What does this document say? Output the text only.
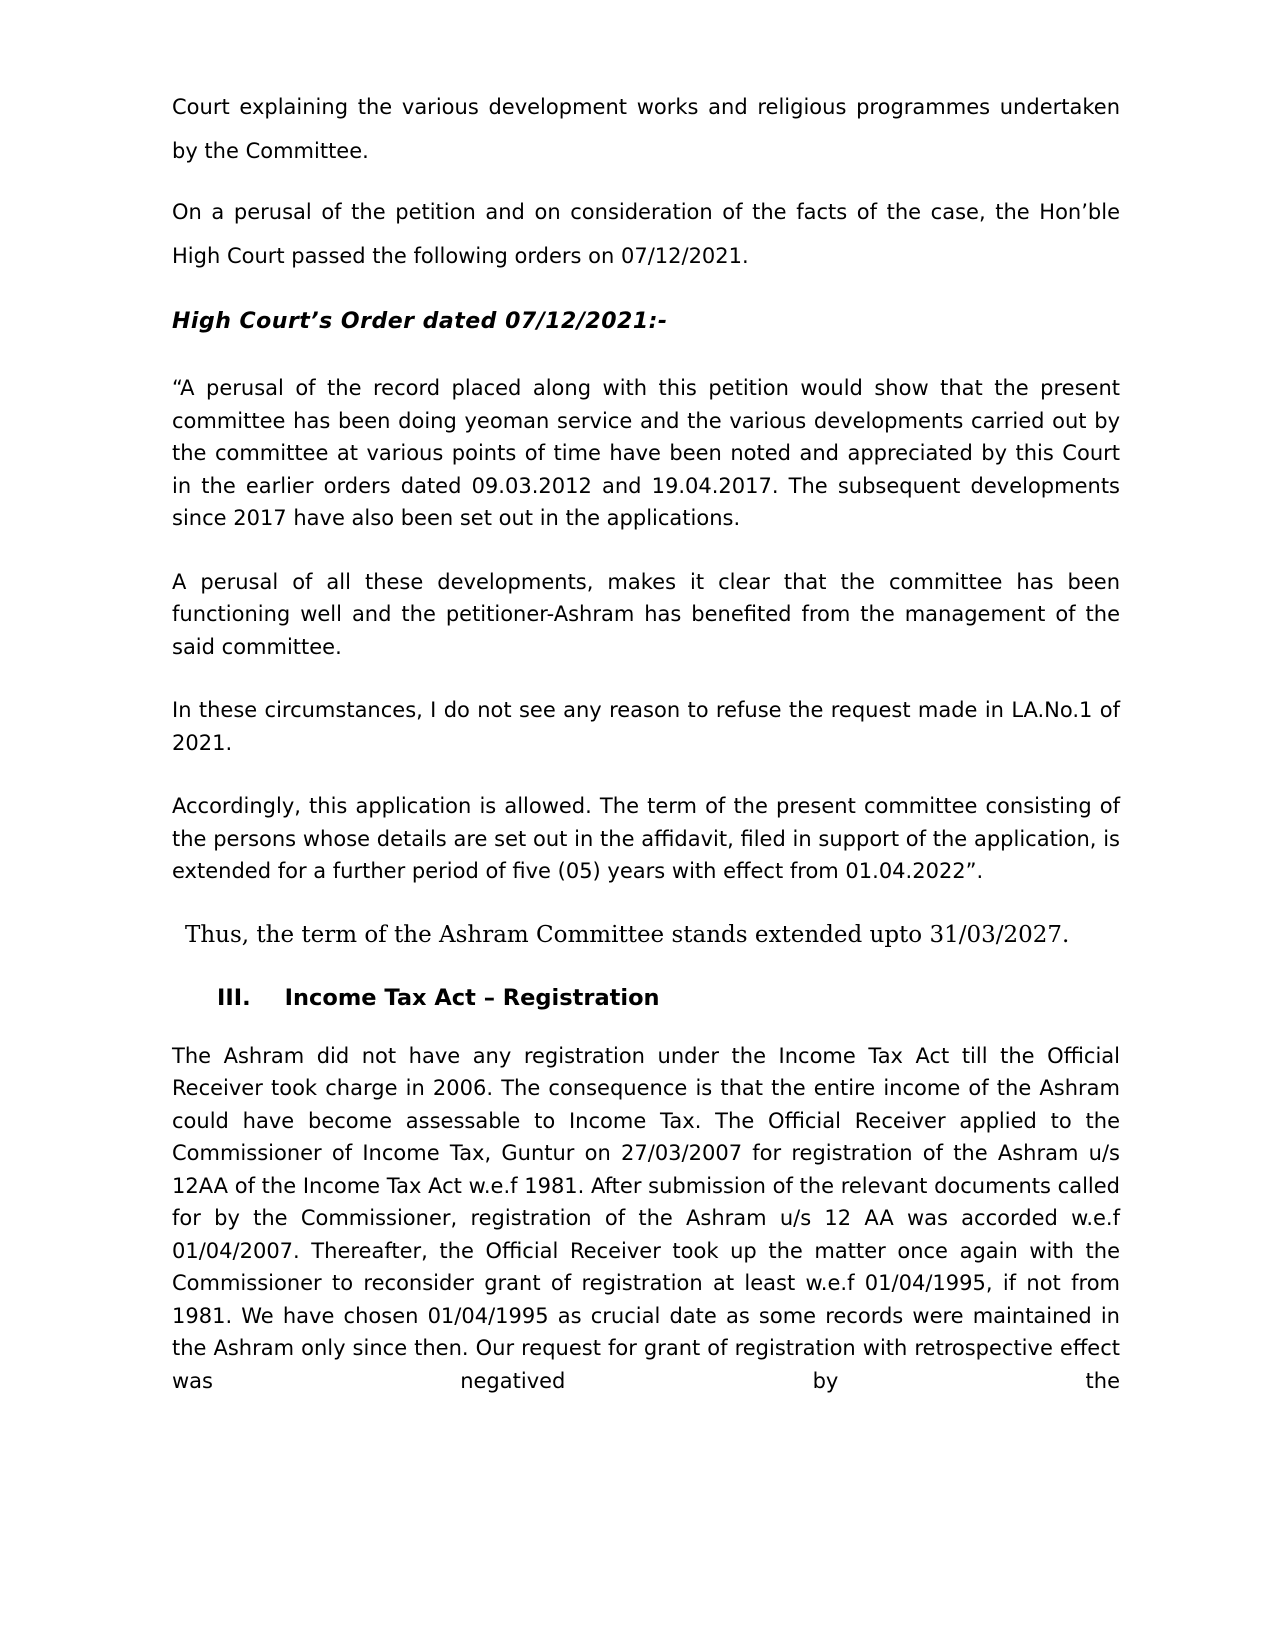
Court explaining the various development works and religious programmes undertaken by the Committee.

On a perusal of the petition and on consideration of the facts of the case, the Hon’ble High Court passed the following orders on 07/12/2021.

High Court’s Order dated 07/12/2021:-

“A perusal of the record placed along with this petition would show that the present committee has been doing yeoman service and the various developments carried out by the committee at various points of time have been noted and appreciated by this Court in the earlier orders dated 09.03.2012 and 19.04.2017. The subsequent developments since 2017 have also been set out in the applications.

A perusal of all these developments, makes it clear that the committee has been functioning well and the petitioner-Ashram has benefited from the management of the said committee.

In these circumstances, I do not see any reason to refuse the request made in LA.No.1 of 2021.

Accordingly, this application is allowed. The term of the present committee consisting of the persons whose details are set out in the affidavit, filed in support of the application, is extended for a further period of five (05) years with effect from 01.04.2022”.

Thus, the term of the Ashram Committee stands extended upto 31/03/2027.

III. Income Tax Act – Registration

The Ashram did not have any registration under the Income Tax Act till the Official Receiver took charge in 2006. The consequence is that the entire income of the Ashram could have become assessable to Income Tax. The Official Receiver applied to the Commissioner of Income Tax, Guntur on 27/03/2007 for registration of the Ashram u/s 12AA of the Income Tax Act w.e.f 1981. After submission of the relevant documents called for by the Commissioner, registration of the Ashram u/s 12 AA was accorded w.e.f 01/04/2007. Thereafter, the Official Receiver took up the matter once again with the Commissioner to reconsider grant of registration at least w.e.f 01/04/1995, if not from 1981. We have chosen 01/04/1995 as crucial date as some records were maintained in the Ashram only since then. Our request for grant of registration with retrospective effect was negatived by the
